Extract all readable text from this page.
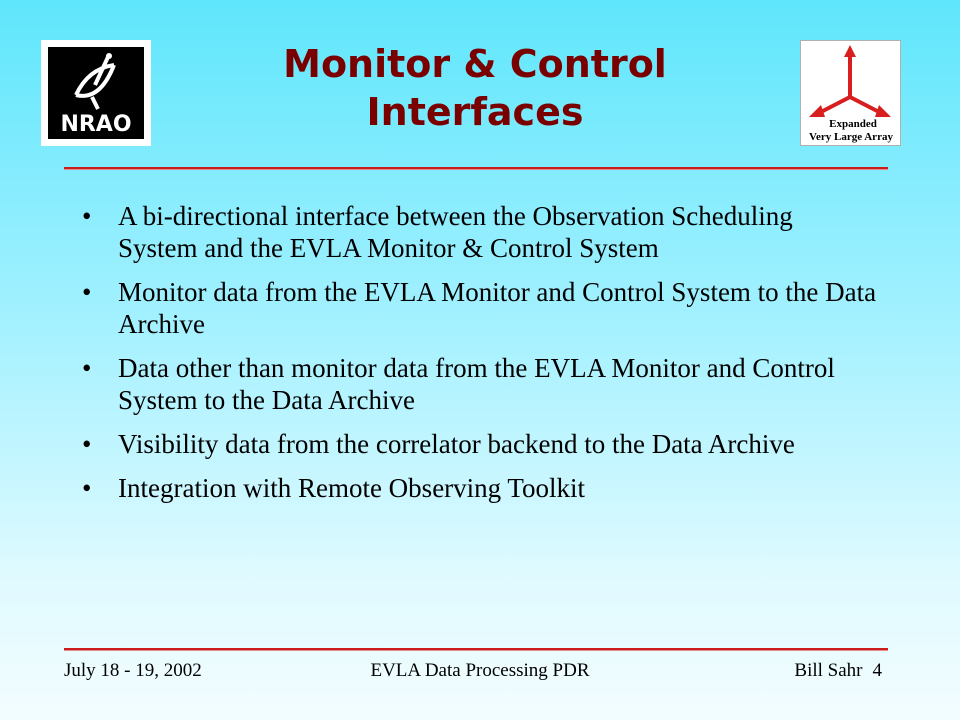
NRAO
Monitor & Control
Interfaces	Expanded
Very Large Array
• A bi-directional interface between the Observation Scheduling System and the EVLA Monitor & Control System
• Monitor data from the EVLA Monitor and Control System to the Data Archive
• Data other than monitor data from the EVLA Monitor and Control System to the Data Archive
• Visibility data from the correlator backend to the Data Archive
• Integration with Remote Observing Toolkit
July 18 - 19, 2002	EVLA Data Processing PDR	Bill Sahr 4
